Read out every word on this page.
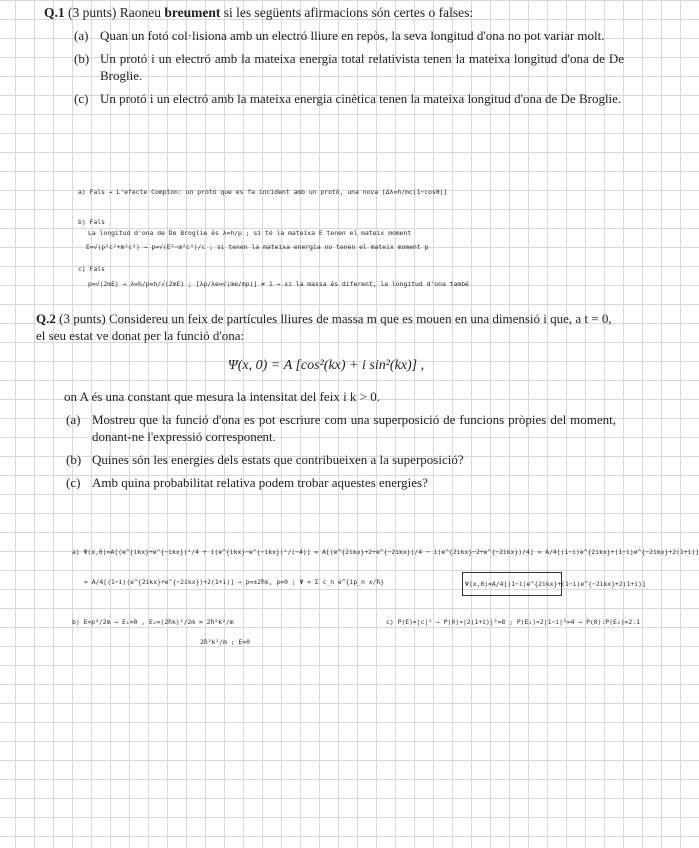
Q.1 (3 punts) Raoneu breument si les següents afirmacions són certes o falses:
(a) Quan un fotó col·lisiona amb un electró lliure en repòs, la seva longitud d'ona no pot variar molt.
(b) Un protó i un electró amb la mateixa energia total relativista tenen la mateixa longitud d'ona de De Broglie.
(c) Un protó i un electró amb la mateixa energia cinètica tenen la mateixa longitud d'ona de De Broglie.
a) Fals → L'efecte Compton: un protó que es fa incident amb un protó, una nova [Δλ=h/mc(1−cosθ)]
b) Fals
La longitud d'ona de De Broglie és λ=h/p ; si té la mateixa E tenen el mateix moment
E=√(p²c²+m²c⁴) → p=√(E²−m²c⁴)/c ; si tenen la mateixa energia no tenen el mateix moment p
c) Fals
p=√(2mE) → λ=h/p=h/√(2mE) ; [λp/λe=√(me/mp)] ≠ 1 → si la massa és diferent, la longitud d'ona també
Q.2 (3 punts) Considereu un feix de partícules lliures de massa m que es mouen en una dimensió i que, a t = 0, el seu estat ve donat per la funció d'ona:
Ψ(x, 0) = A [cos²(kx) + i sin²(kx)] ,
on A és una constant que mesura la intensitat del feix i k > 0.
(a) Mostreu que la funció d'ona es pot escriure com una superposició de funcions pròpies del moment, donant-ne l'expressió corresponent.
(b) Quines són les energies dels estats que contribueixen a la superposició?
(c) Amb quina probabilitat relativa podem trobar aquestes energies?
a) Ψ(x,0)=A[(e^{ikx}+e^{−ikx})²/4 + i(e^{ikx}−e^{−ikx})²/(−4)] = A[(e^{2ikx}+2+e^{−2ikx})/4 − i(e^{2ikx}−2+e^{−2ikx})/4] = A/4[(1−i)e^{2ikx}+(1−i)e^{−2ikx}+2(1+i)]
= A/4[(1−i)(e^{2ikx}+e^{−2ikx})+2(1+i)] → p=±2ħk, p=0 ; Ψ = Σ c_n e^{ip_n x/ħ}	Ψ(x,0)=A/4[(1−i)e^{2ikx}+(1−i)e^{−2ikx}+2(1+i)]
b) E=p²/2m → E₁=0 , E₂=(2ħk)²/2m = 2ħ²k²/m
2ħ²k²/m ; E=0
c) P(E)∝|c|² → P(0)∝|2(1+i)|²=8 ; P(E₂)∝2|1−i|²=4 → P(0):P(E₂)=2:1
